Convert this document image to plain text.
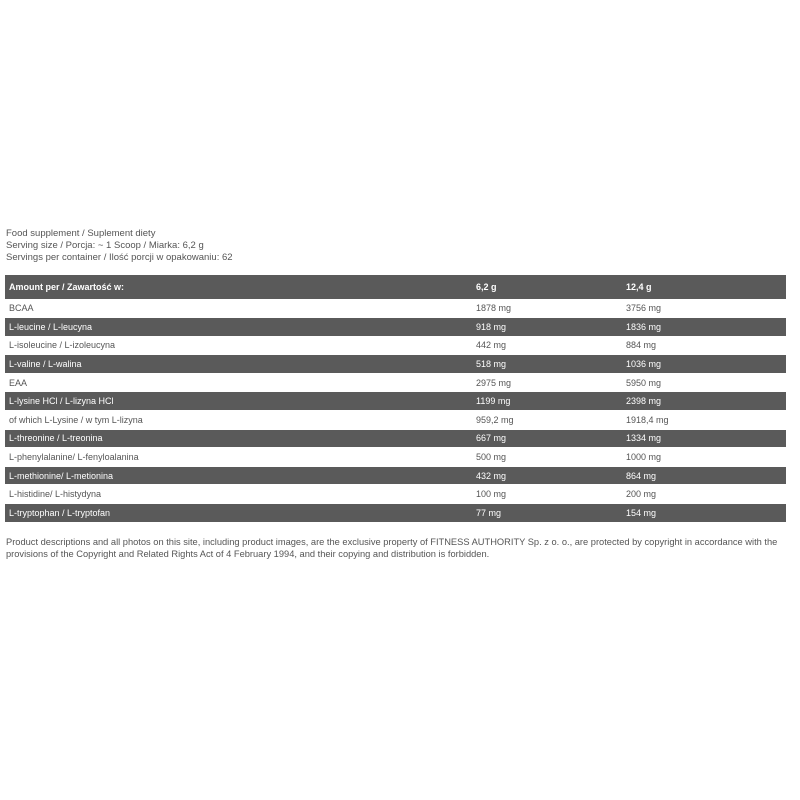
Food supplement / Suplement diety
Serving size / Porcja: ~ 1 Scoop / Miarka: 6,2 g
Servings per container / Ilość porcji w opakowaniu: 62
Amount per / Zawartość w:	6,2 g	12,4 g
BCAA	1878 mg	3756 mg
L-leucine / L-leucyna	918 mg	1836 mg
L-isoleucine / L-izoleucyna	442 mg	884 mg
L-valine / L-walina	518 mg	1036 mg
EAA	2975 mg	5950 mg
L-lysine HCl / L-lizyna HCl	1199 mg	2398 mg
of which L-Lysine / w tym L-lizyna	959,2 mg	1918,4 mg
L-threonine / L-treonina	667 mg	1334 mg
L-phenylalanine/ L-fenyloalanina	500 mg	1000 mg
L-methionine/ L-metionina	432 mg	864 mg
L-histidine/ L-histydyna	100 mg	200 mg
L-tryptophan / L-tryptofan	77 mg	154 mg
Product descriptions and all photos on this site, including product images, are the exclusive property of FITNESS AUTHORITY Sp. z o. o., are protected by copyright in accordance with the provisions of the Copyright and Related Rights Act of 4 February 1994, and their copying and distribution is forbidden.
